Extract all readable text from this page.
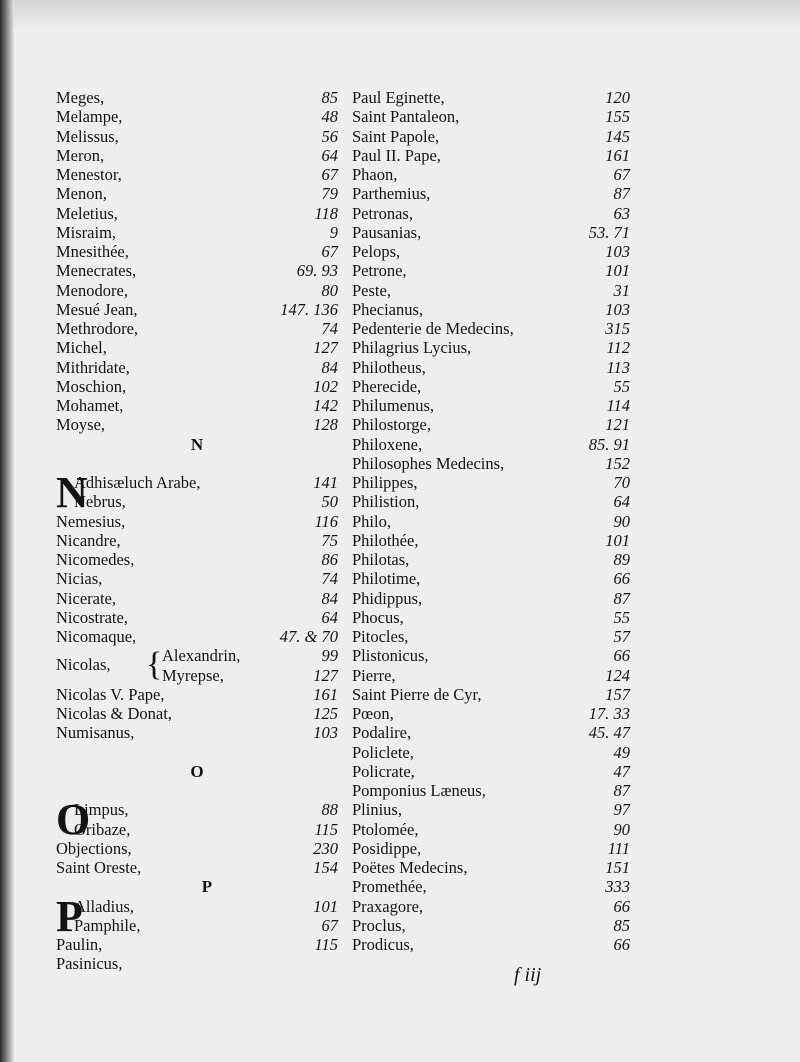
Meges,	85
Melampe,	48
Melissus,	56
Meron,	64
Menestor,	67
Menon,	79
Meletius,	118
Misraim,	9
Mnesithée,	67
Menecrates,	69. 93
Menodore,	80
Mesué Jean,	147. 136
Methrodore,	74
Michel,	127
Mithridate,	84
Moschion,	102
Mohamet,	142
Moyse,	128
N
N
Adhisæluch Arabe,	141
Nebrus,	50
Nemesius,	116
Nicandre,	75
Nicomedes,	86
Nicias,	74
Nicerate,	84
Nicostrate,	64
Nicomaque,	47. & 70
Nicolas, { Alexandrin,	99
Myrepse,	127
Nicolas V. Pape,	161
Nicolas & Donat,	125
Numisanus,	103
O
O
Limpus,	88
Oribaze,	115
Objections,	230
Saint Oreste,	154
P
P
Alladius,	101
Pamphile,	67
Paulin,	115
Pasinicus,
Paul Eginette,	120
Saint Pantaleon,	155
Saint Papole,	145
Paul II. Pape,	161
Phaon,	67
Parthemius,	87
Petronas,	63
Pausanias,	53. 71
Pelops,	103
Petrone,	101
Peste,	31
Phecianus,	103
Pedenterie de Medecins,	315
Philagrius Lycius,	112
Philotheus,	113
Pherecide,	55
Philumenus,	114
Philostorge,	121
Philoxene,	85. 91
Philosophes Medecins,	152
Philippes,	70
Philistion,	64
Philo,	90
Philothée,	101
Philotas,	89
Philotime,	66
Phidippus,	87
Phocus,	55
Pitocles,	57
Plistonicus,	66
Pierre,	124
Saint Pierre de Cyr,	157
Pœon,	17. 33
Podalire,	45. 47
Policlete,	49
Policrate,	47
Pomponius Læneus,	87
Plinius,	97
Ptolomée,	90
Posidippe,	111
Poëtes Medecins,	151
Promethée,	333
Praxagore,	66
Proclus,	85
Prodicus,	66
f iij
